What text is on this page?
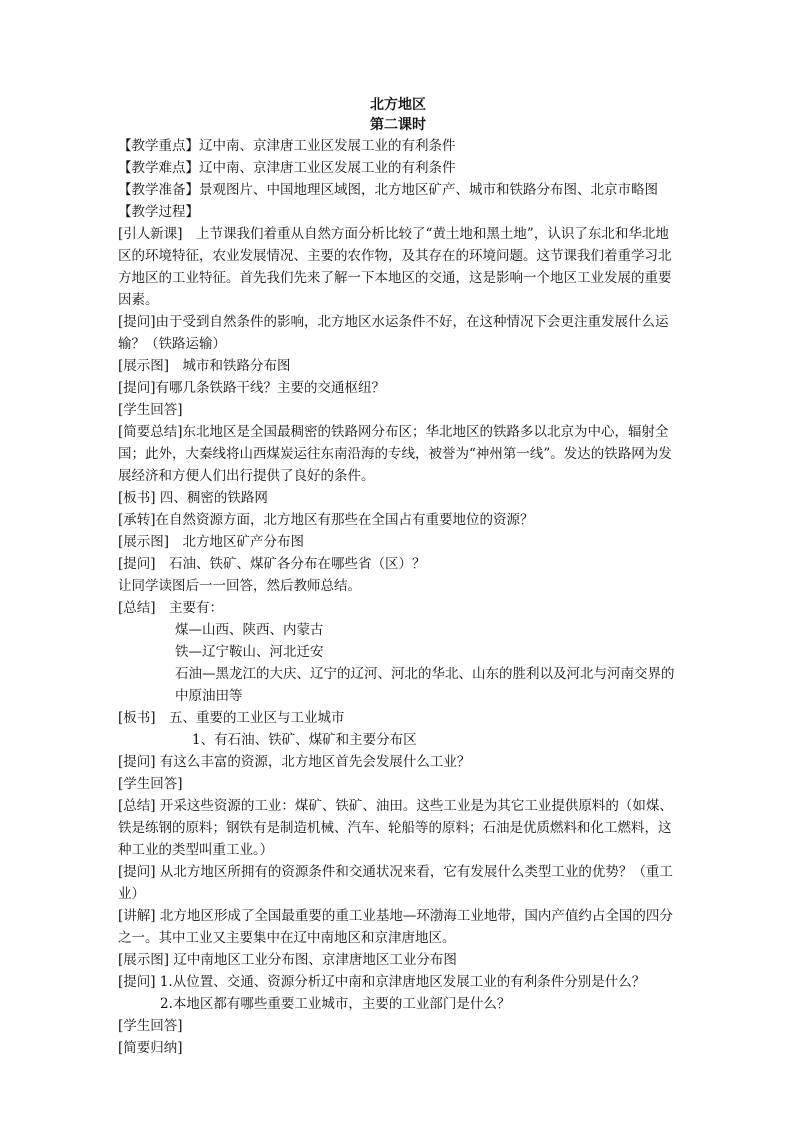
北方地区
第二课时

【教学重点】辽中南、京津唐工业区发展工业的有利条件

【教学难点】辽中南、京津唐工业区发展工业的有利条件

【教学准备】景观图片、中国地理区域图，北方地区矿产、城市和铁路分布图、北京市略图

【教学过程】

[引人新课]　上节课我们着重从自然方面分析比较了“黄土地和黑土地”，认识了东北和华北地区的环境特征，农业发展情况、主要的农作物，及其存在的环境问题。这节课我们着重学习北方地区的工业特征。首先我们先来了解一下本地区的交通，这是影响一个地区工业发展的重要因素。

[提问]由于受到自然条件的影响，北方地区水运条件不好，在这种情况下会更注重发展什么运输？（铁路运输）

[展示图]　城市和铁路分布图

[提问]有哪几条铁路干线？主要的交通枢纽？

[学生回答]

[简要总结]东北地区是全国最稠密的铁路网分布区；华北地区的铁路多以北京为中心，辐射全国；此外，大秦线将山西煤炭运往东南沿海的专线，被誉为“神州第一线”。发达的铁路网为发展经济和方便人们出行提供了良好的条件。

[板书] 四、稠密的铁路网

[承转]在自然资源方面，北方地区有那些在全国占有重要地位的资源？

[展示图]　北方地区矿产分布图

[提问]　石油、铁矿、煤矿各分布在哪些省（区）？

让同学读图后一一回答，然后教师总结。

[总结]　主要有：

煤—山西、陕西、内蒙古

铁—辽宁鞍山、河北迁安

石油—黑龙江的大庆、辽宁的辽河、河北的华北、山东的胜利以及河北与河南交界的中原油田等

[板书]　五、重要的工业区与工业城市

1、有石油、铁矿、煤矿和主要分布区

[提问] 有这么丰富的资源，北方地区首先会发展什么工业？

[学生回答]

[总结] 开采这些资源的工业：煤矿、铁矿、油田。这些工业是为其它工业提供原料的（如煤、铁是练钢的原料；钢铁有是制造机械、汽车、轮船等的原料；石油是优质燃料和化工燃料，这种工业的类型叫重工业。）

[提问] 从北方地区所拥有的资源条件和交通状况来看，它有发展什么类型工业的优势？（重工业）

[讲解] 北方地区形成了全国最重要的重工业基地—环渤海工业地带，国内产值约占全国的四分之一。其中工业又主要集中在辽中南地区和京津唐地区。

[展示图] 辽中南地区工业分布图、京津唐地区工业分布图

[提问] 1.从位置、交通、资源分析辽中南和京津唐地区发展工业的有利条件分别是什么？

2.本地区都有哪些重要工业城市，主要的工业部门是什么？

[学生回答]

[简要归纳]
